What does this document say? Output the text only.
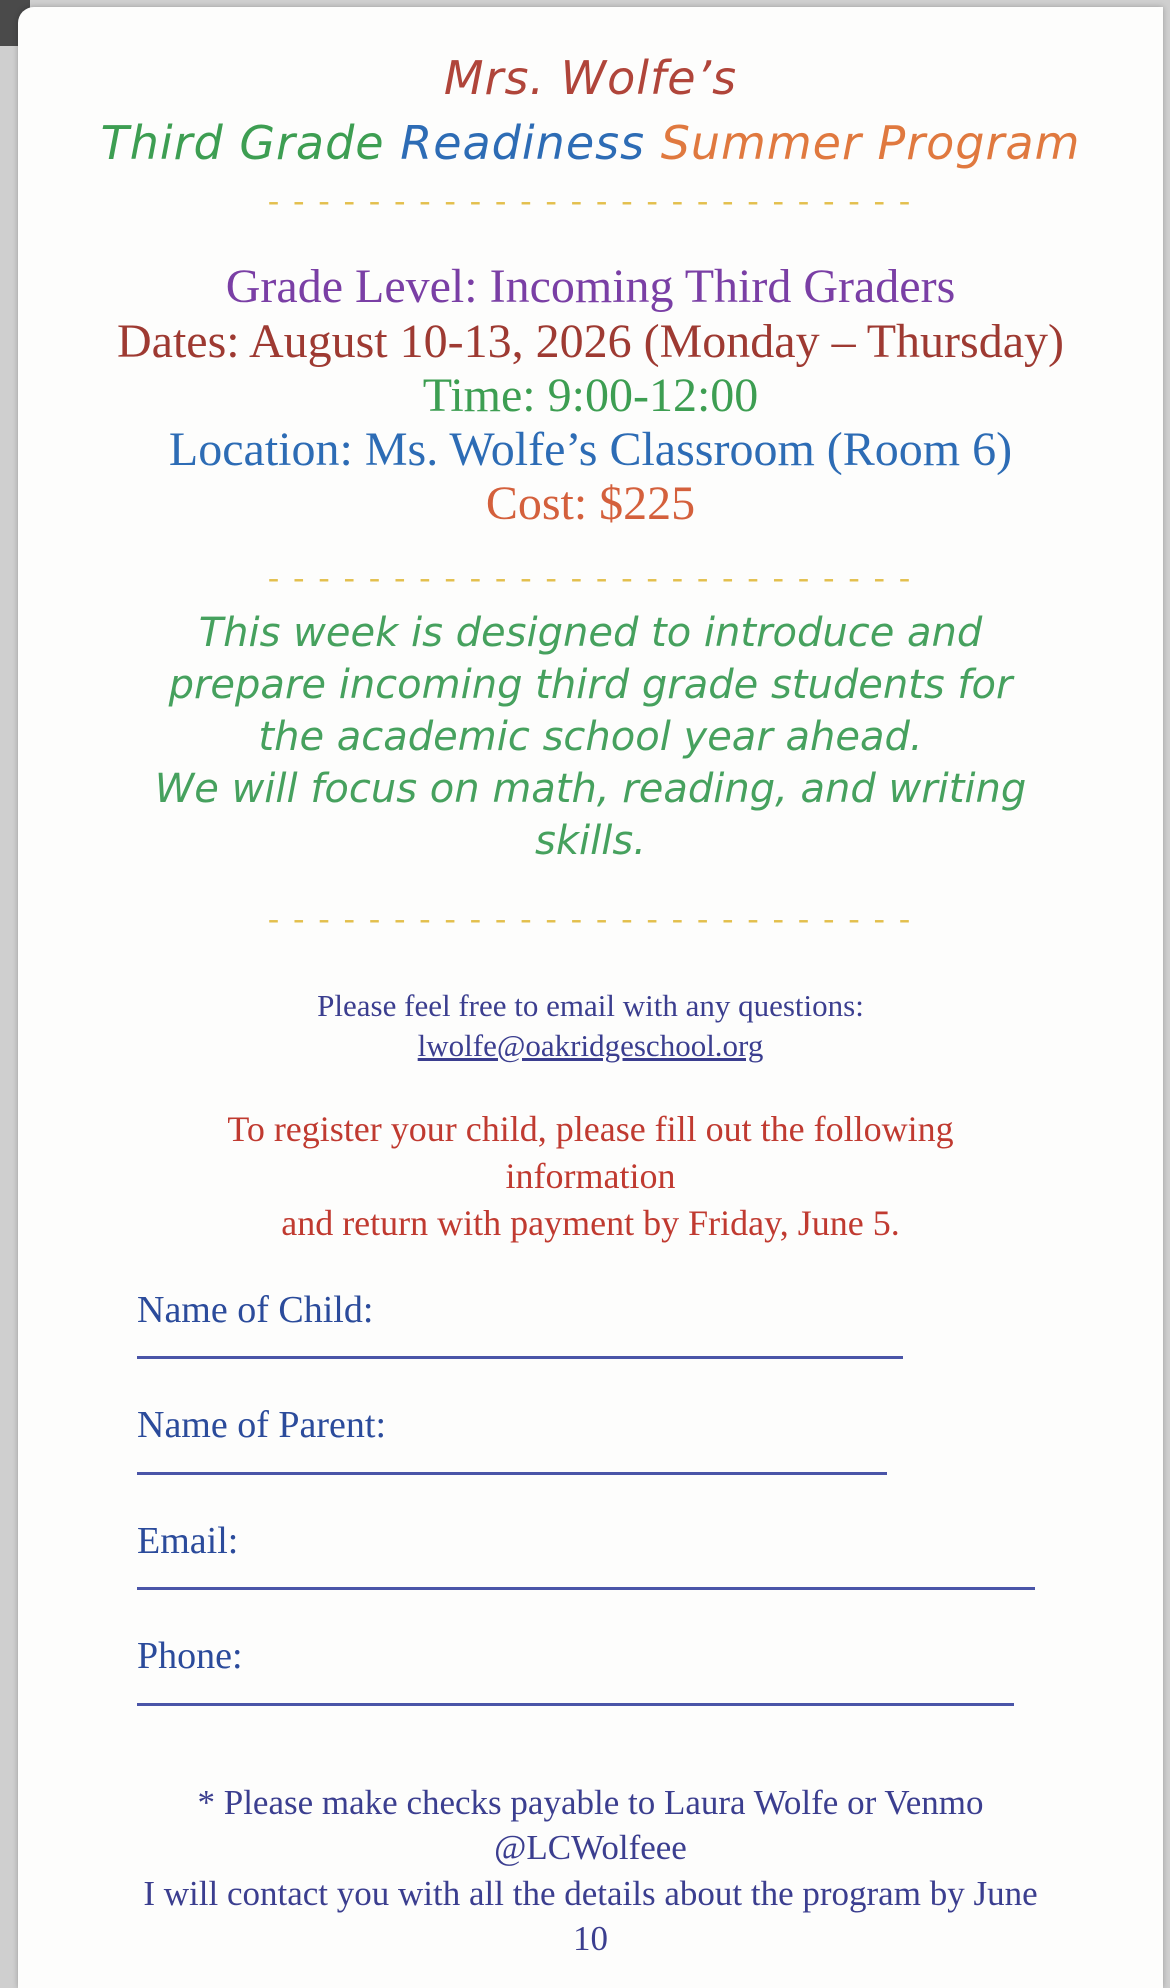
Mrs. Wolfe’s
Third Grade Readiness Summer Program
- - - - - - - - - - - - - - - - - - - - - - - - - -
Grade Level: Incoming Third Graders
Dates: August 10-13, 2026 (Monday – Thursday)
Time: 9:00-12:00
Location: Ms. Wolfe’s Classroom (Room 6)
Cost: $225
- - - - - - - - - - - - - - - - - - - - - - - - - -
This week is designed to introduce and prepare incoming third grade students for the academic school year ahead.
We will focus on math, reading, and writing skills.
- - - - - - - - - - - - - - - - - - - - - - - - - -
Please feel free to email with any questions:
lwolfe@oakridgeschool.org
To register your child, please fill out the following information
and return with payment by Friday, June 5.
Name of Child:
Name of Parent:
Email:
Phone:
* Please make checks payable to Laura Wolfe or Venmo
@LCWolfeee
I will contact you with all the details about the program by June
10
